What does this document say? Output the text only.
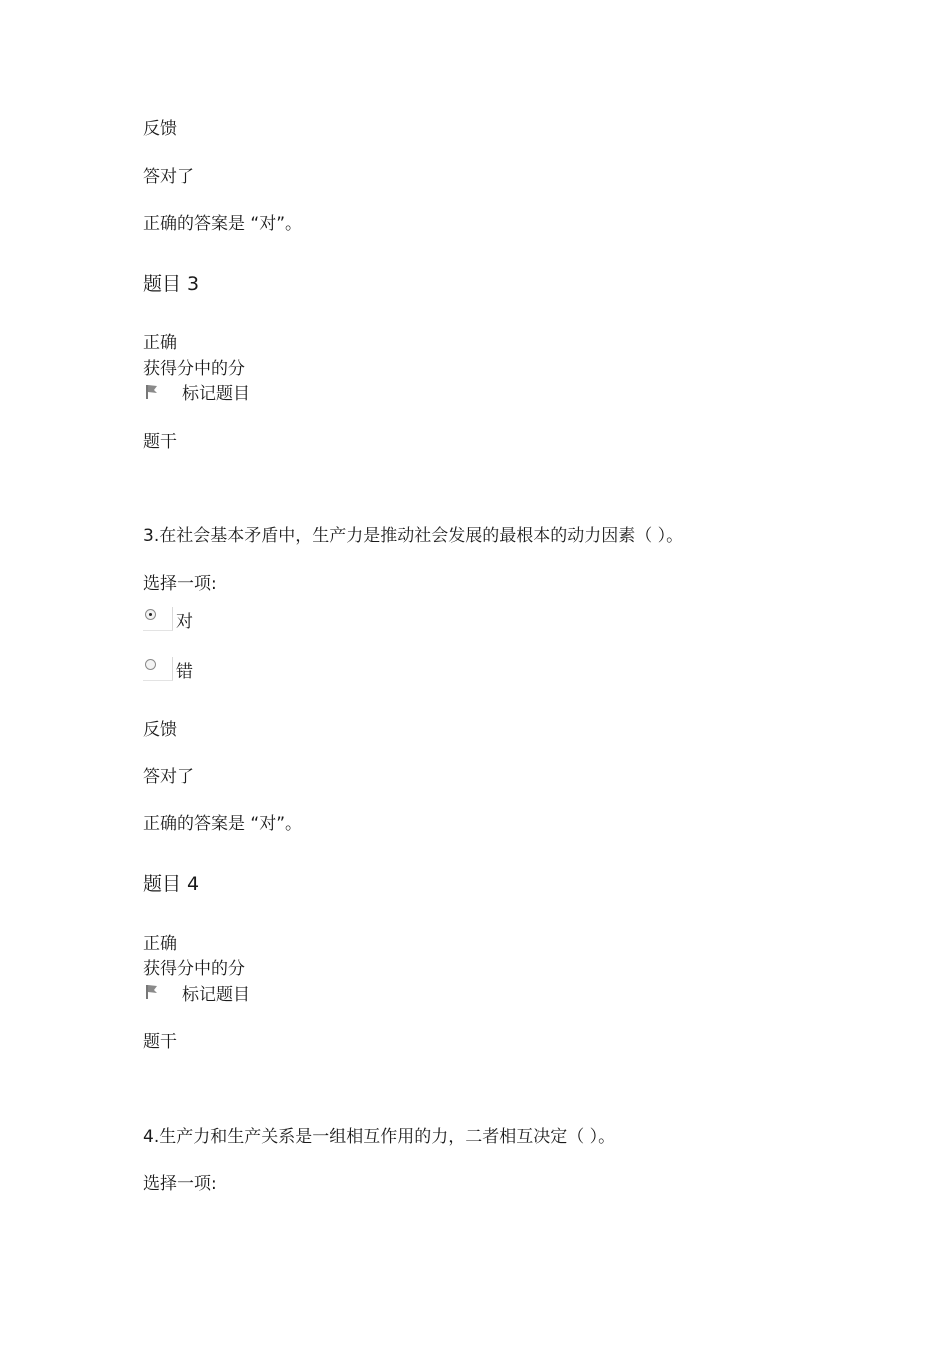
反馈
答对了
正确的答案是 “对”。
题目 3
正确
获得分中的分
标记题目
题干
3.在社会基本矛盾中，生产力是推动社会发展的最根本的动力因素（ ）。
选择一项:
对
错
反馈
答对了
正确的答案是 “对”。
题目 4
正确
获得分中的分
标记题目
题干
4.生产力和生产关系是一组相互作用的力，二者相互决定（ ）。
选择一项:
